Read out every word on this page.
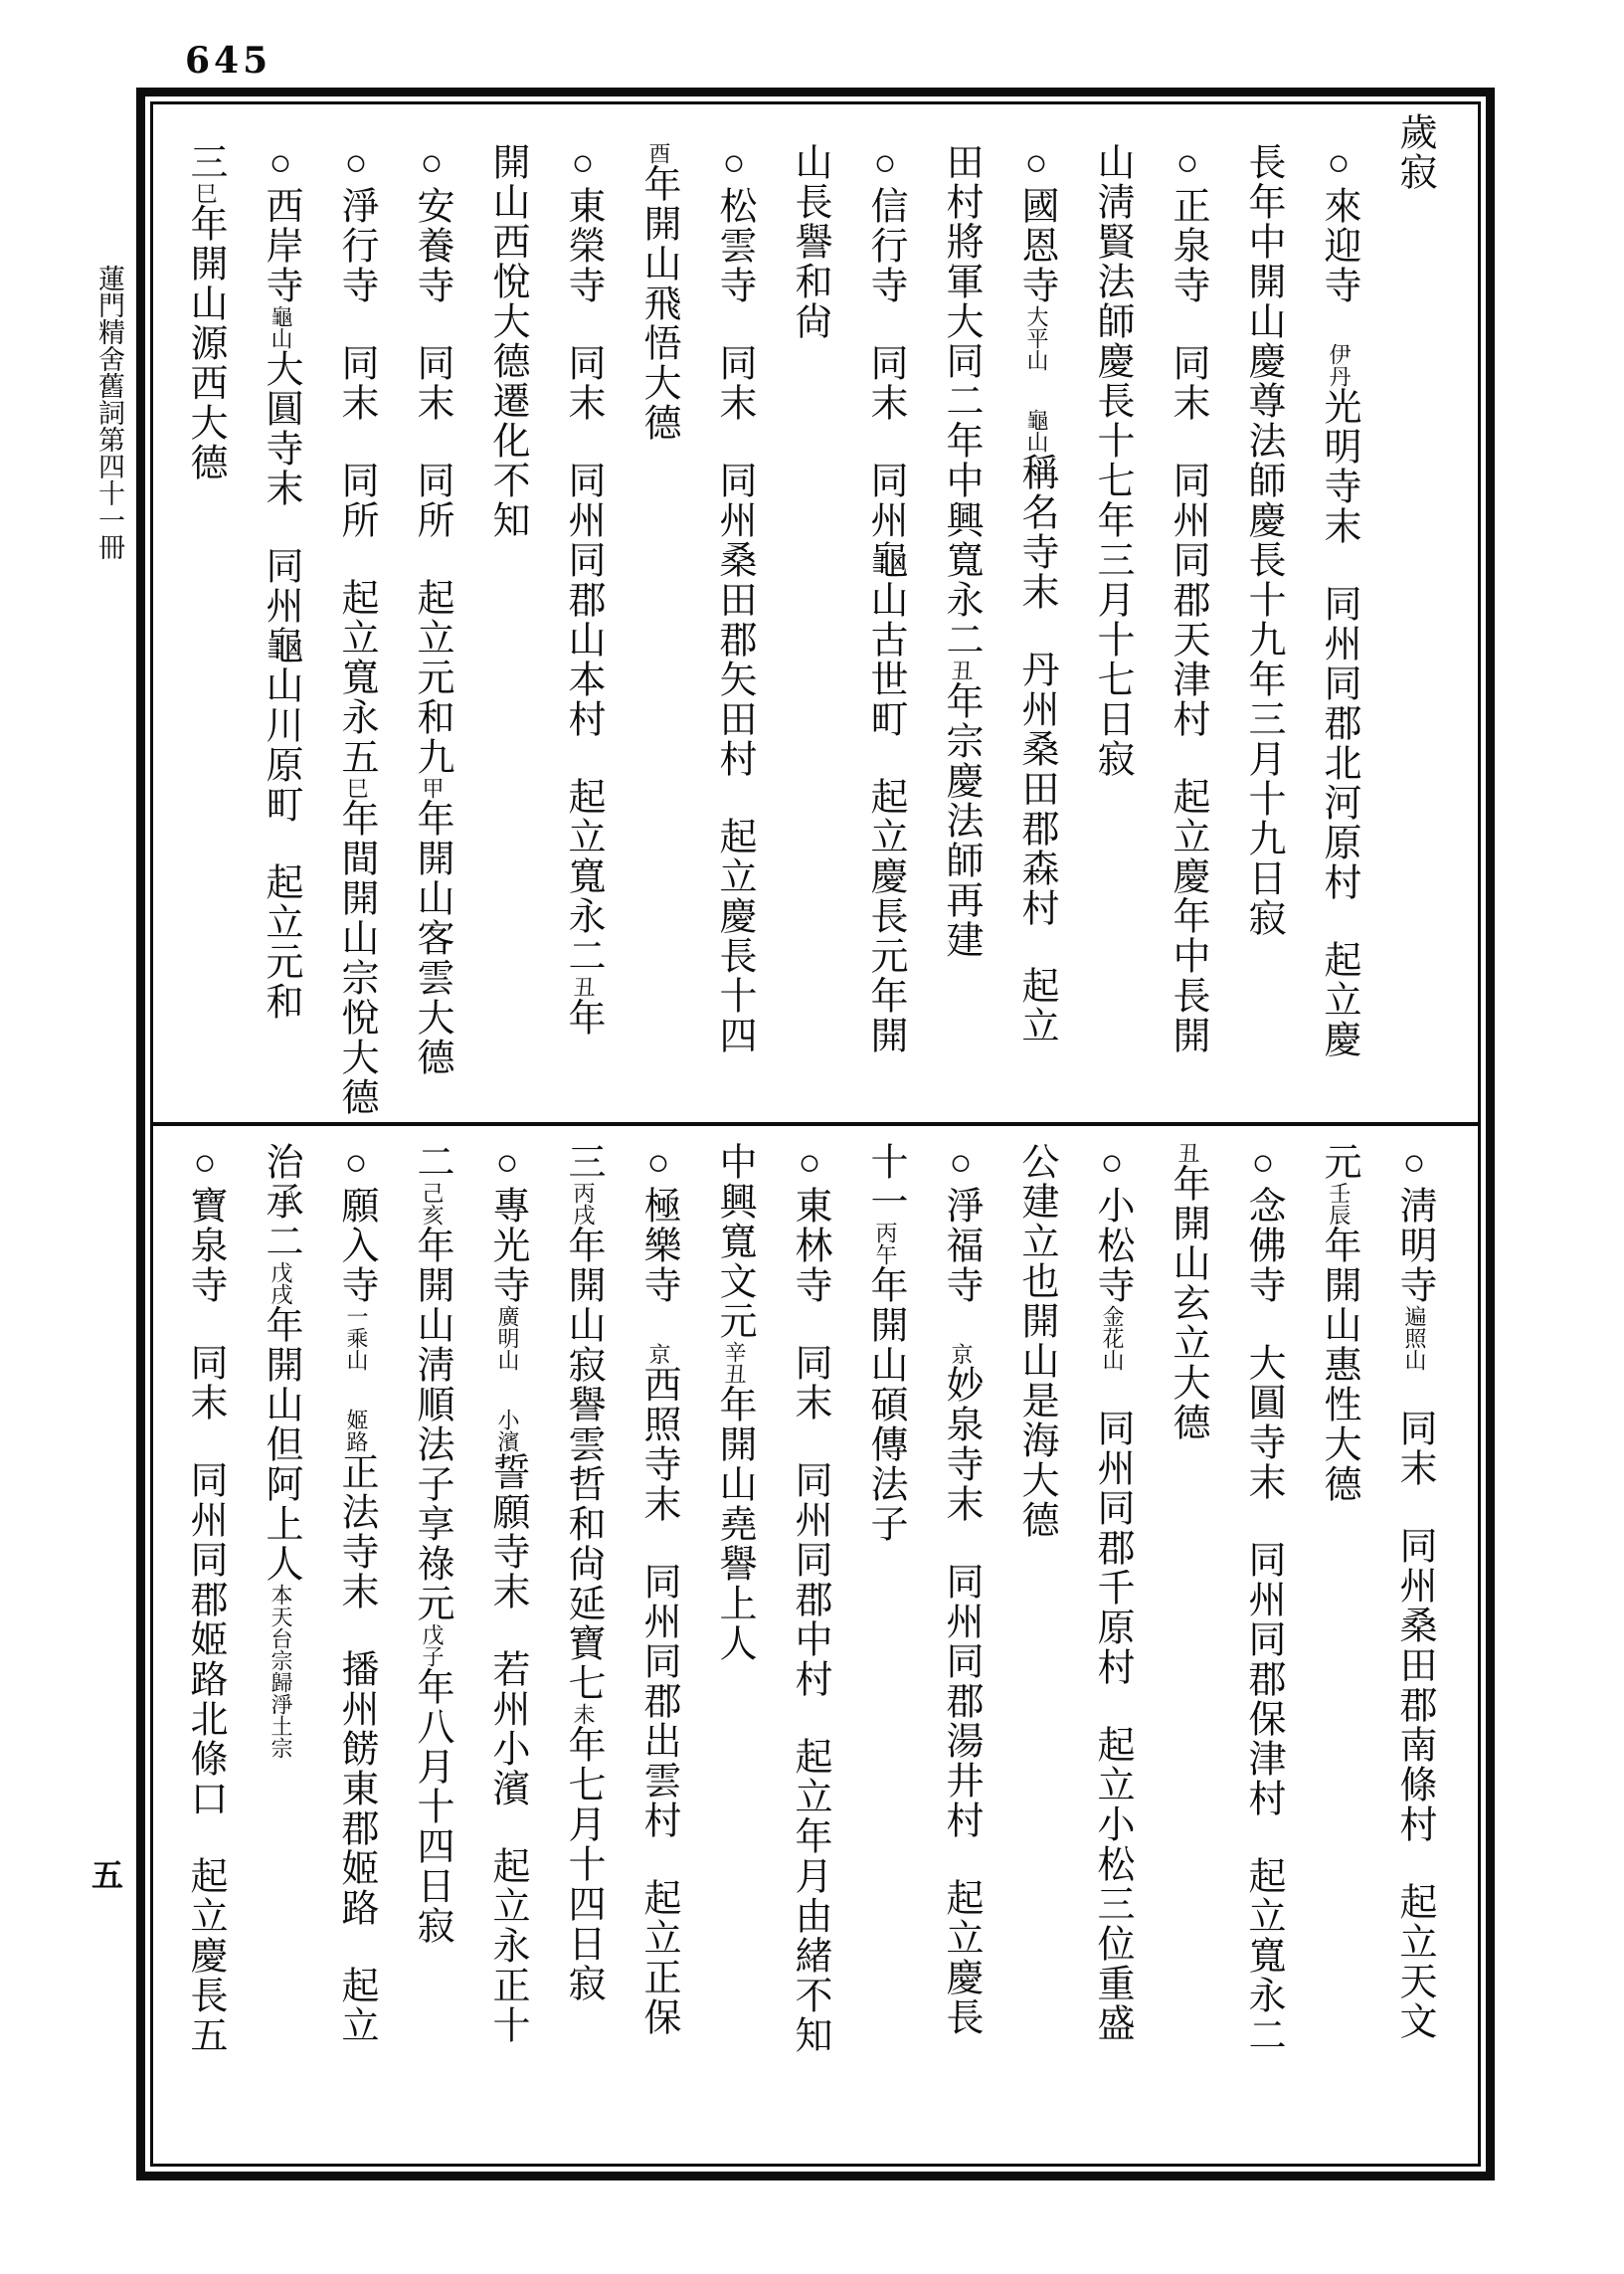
645
蓮門精舍舊詞第四十一冊
五
歲寂
○來迎寺伊丹光明寺末同州同郡北河原村起立慶
長年中開山慶尊法師慶長十九年三月十九日寂
○正泉寺同末同州同郡天津村起立慶年中長開
山淸賢法師慶長十七年三月十七日寂
○國恩寺大平山龜山稱名寺末丹州桑田郡森村起立
田村將軍大同二年中興寬永二丑年宗慶法師再建
○信行寺同末同州龜山古世町起立慶長元年開
山長譽和尙
○松雲寺同末同州桑田郡矢田村起立慶長十四
酉年開山飛悟大德
○東榮寺同末同州同郡山本村起立寬永二丑年
開山西悅大德遷化不知
○安養寺同末同所起立元和九甲年開山客雲大德
○淨行寺同末同所起立寬永五巳年間開山宗悅大德
○西岸寺龜山大圓寺末同州龜山川原町起立元和
三巳年開山源西大德
○淸明寺遍照山同末同州桑田郡南條村起立天文
元壬辰年開山惠性大德
○念佛寺大圓寺末同州同郡保津村起立寬永二
丑年開山玄立大德
○小松寺金花山同州同郡千原村起立小松三位重盛
公建立也開山是海大德
○淨福寺京妙泉寺末同州同郡湯井村起立慶長
十一丙午年開山碩傳法子
○東林寺同末同州同郡中村起立年月由緒不知
中興寬文元辛丑年開山堯譽上人
○極樂寺京西照寺末同州同郡出雲村起立正保
三丙戌年開山寂譽雲哲和尙延寶七未年七月十四日寂
○專光寺廣明山小濱誓願寺末若州小濱起立永正十
二己亥年開山淸順法子享祿元戊子年八月十四日寂
○願入寺一乘山姬路正法寺末播州餝東郡姬路起立
治承二戊戌年開山但阿上人本天台宗歸淨土宗
○寶泉寺同末同州同郡姬路北條口起立慶長五
